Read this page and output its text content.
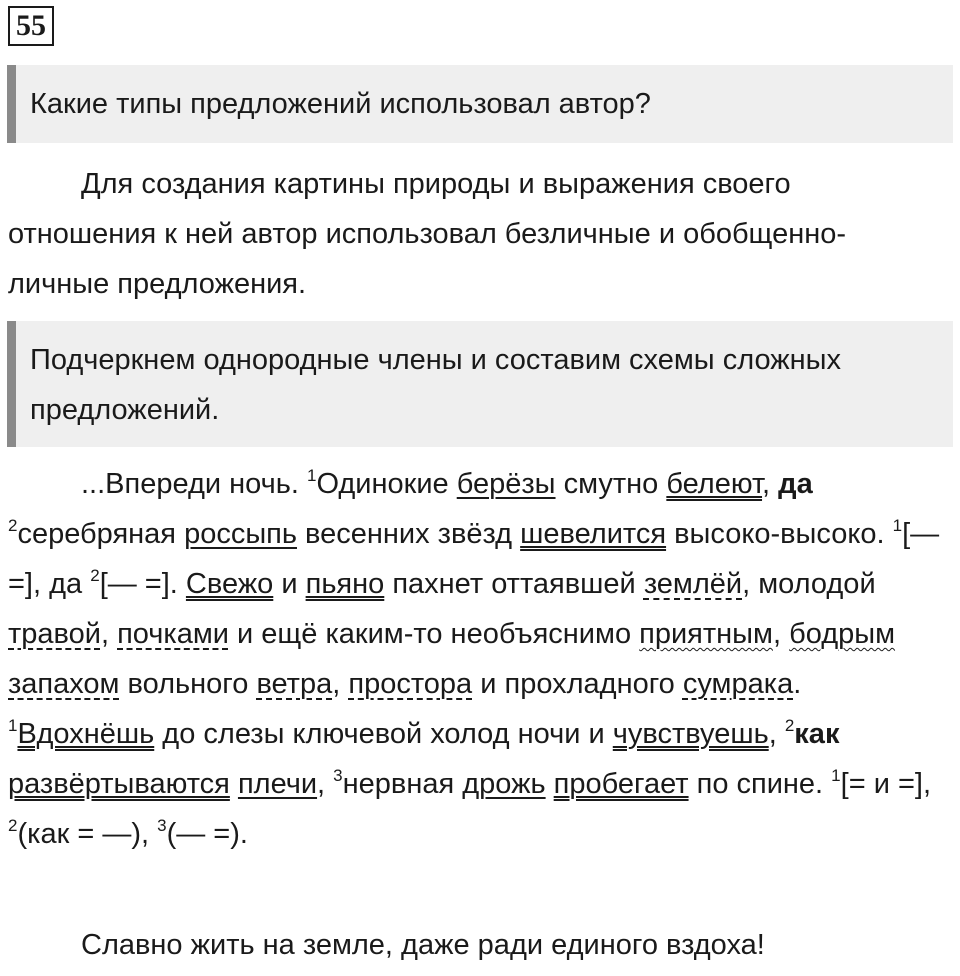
55
Какие типы предложений использовал автор?

Для создания картины природы и выражения своего отношения к ней автор использовал безличные и обобщенно-личные предложения.

Подчеркнем однородные члены и составим схемы сложных предложений.

...Впереди ночь. $^1$Одинокие берёзы смутно белеют, да $^2$серебряная россыпь весенних звёзд шевелится высоко-высоко. $^1$[— =], да $^2$[— =]. Свежо и пьяно пахнет оттаявшей землёй, молодой травой, почками и ещё каким-то необъяснимо приятным, бодрым запахом вольного ветра, простора и прохладного сумрака. $^1$Вдохнёшь до слезы ключевой холод ночи и чувствуешь, $^2$как развёртываются плечи, $^3$нервная дрожь пробегает по спине. $^1$[= и =], $^2$(как = —), $^3$(— =).

Славно жить на земле, даже ради единого вздоха!
